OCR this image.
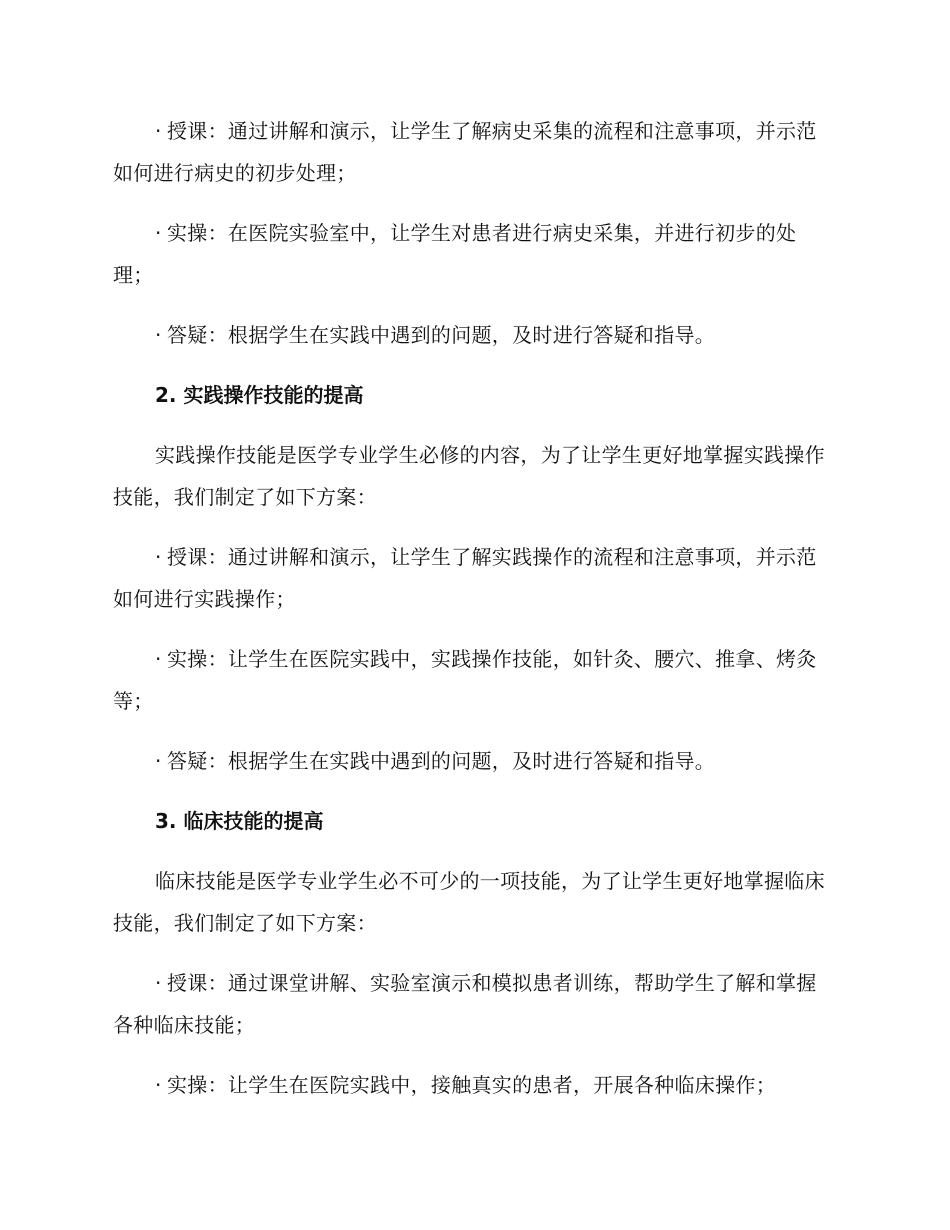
· 授课：通过讲解和演示，让学生了解病史采集的流程和注意事项，并示范如何进行病史的初步处理；

· 实操：在医院实验室中，让学生对患者进行病史采集，并进行初步的处理；

· 答疑：根据学生在实践中遇到的问题，及时进行答疑和指导。

2. 实践操作技能的提高

实践操作技能是医学专业学生必修的内容，为了让学生更好地掌握实践操作技能，我们制定了如下方案：

· 授课：通过讲解和演示，让学生了解实践操作的流程和注意事项，并示范如何进行实践操作；

· 实操：让学生在医院实践中，实践操作技能，如针灸、腰穴、推拿、烤灸等；

· 答疑：根据学生在实践中遇到的问题，及时进行答疑和指导。

3. 临床技能的提高

临床技能是医学专业学生必不可少的一项技能，为了让学生更好地掌握临床技能，我们制定了如下方案：

· 授课：通过课堂讲解、实验室演示和模拟患者训练，帮助学生了解和掌握各种临床技能；

· 实操：让学生在医院实践中，接触真实的患者，开展各种临床操作；
